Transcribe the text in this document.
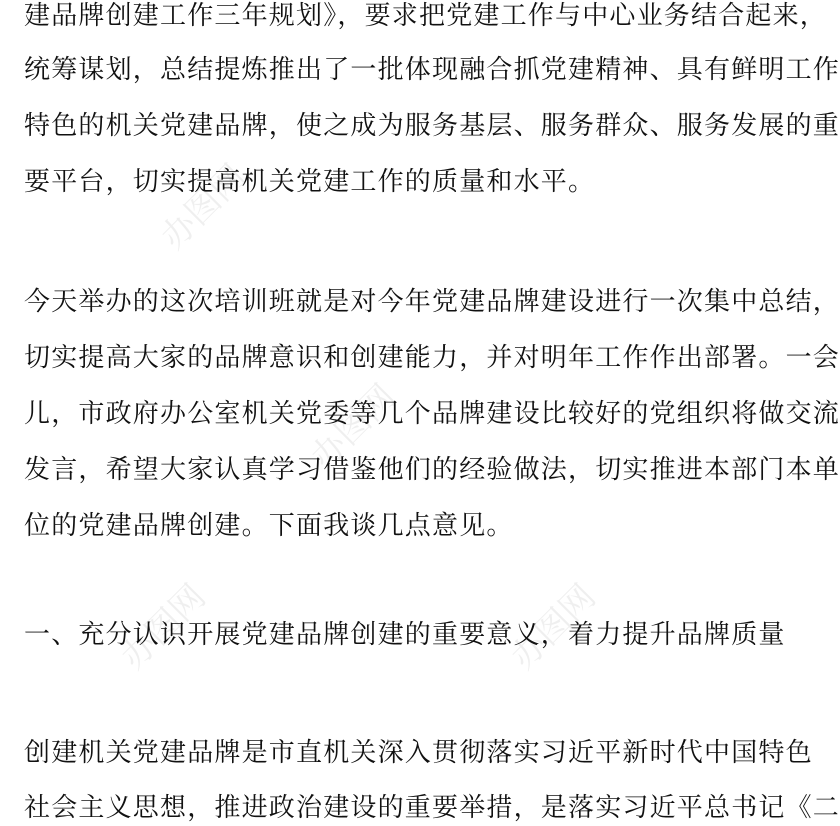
办图网
办图网
办图网	办图网
建品牌创建工作三年规划》，要求把党建工作与中心业务结合起来，
统筹谋划，总结提炼推出了一批体现融合抓党建精神、具有鲜明工作
特色的机关党建品牌，使之成为服务基层、服务群众、服务发展的重
要平台，切实提高机关党建工作的质量和水平。
今天举办的这次培训班就是对今年党建品牌建设进行一次集中总结，
切实提高大家的品牌意识和创建能力，并对明年工作作出部署。一会
儿，市政府办公室机关党委等几个品牌建设比较好的党组织将做交流
发言，希望大家认真学习借鉴他们的经验做法，切实推进本部门本单
位的党建品牌创建。下面我谈几点意见。
一、充分认识开展党建品牌创建的重要意义，着力提升品牌质量
创建机关党建品牌是市直机关深入贯彻落实习近平新时代中国特色
社会主义思想，推进政治建设的重要举措，是落实习近平总书记《二
